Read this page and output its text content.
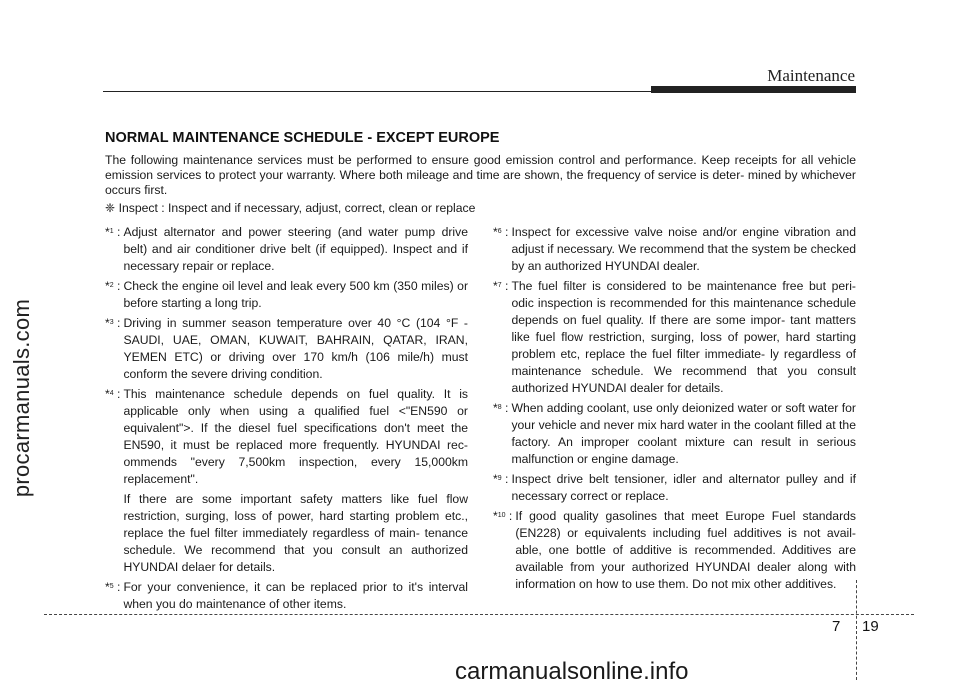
Maintenance
procarmanuals.com
NORMAL MAINTENANCE SCHEDULE - EXCEPT EUROPE

The following maintenance services must be performed to ensure good emission control and performance. Keep receipts for all vehicle emission services to protect your warranty. Where both mileage and time are shown, the frequency of service is deter- mined by whichever occurs first.

❈ Inspect : Inspect and if necessary, adjust, correct, clean or replace

*$^1$ : Adjust alternator and power steering (and water pump drive belt) and air conditioner drive belt (if equipped). Inspect and if necessary repair or replace.

*$^2$ : Check the engine oil level and leak every 500 km (350 miles) or before starting a long trip.

*$^3$ : Driving in summer season temperature over 40 °C (104 °F - SAUDI, UAE, OMAN, KUWAIT, BAHRAIN, QATAR, IRAN, YEMEN ETC) or driving over 170 km/h (106 mile/h) must conform the severe driving condition.

*$^4$ : This maintenance schedule depends on fuel quality. It is applicable only when using a qualified fuel <"EN590 or equivalent">. If the diesel fuel specifications don't meet the EN590, it must be replaced more frequently. HYUNDAI rec- ommends "every 7,500km inspection, every 15,000km replacement".

If there are some important safety matters like fuel flow restriction, surging, loss of power, hard starting problem etc., replace the fuel filter immediately regardless of main- tenance schedule. We recommend that you consult an authorized HYUNDAI delaer for details.

*$^5$ : For your convenience, it can be replaced prior to it's interval when you do maintenance of other items.

*$^6$ : Inspect for excessive valve noise and/or engine vibration and adjust if necessary. We recommend that the system be checked by an authorized HYUNDAI dealer.

*$^7$ : The fuel filter is considered to be maintenance free but peri- odic inspection is recommended for this maintenance schedule depends on fuel quality. If there are some impor- tant matters like fuel flow restriction, surging, loss of power, hard starting problem etc, replace the fuel filter immediate- ly regardless of maintenance schedule. We recommend that you consult authorized HYUNDAI dealer for details.

*$^8$ : When adding coolant, use only deionized water or soft water for your vehicle and never mix hard water in the coolant filled at the factory. An improper coolant mixture can result in serious malfunction or engine damage.

*$^9$ : Inspect drive belt tensioner, idler and alternator pulley and if necessary correct or replace.

*$^{10}$ : If good quality gasolines that meet Europe Fuel standards (EN228) or equivalents including fuel additives is not avail- able, one bottle of additive is recommended. Additives are available from your authorized HYUNDAI dealer along with information on how to use them. Do not mix other additives.

7 19
carmanualsonline.info
